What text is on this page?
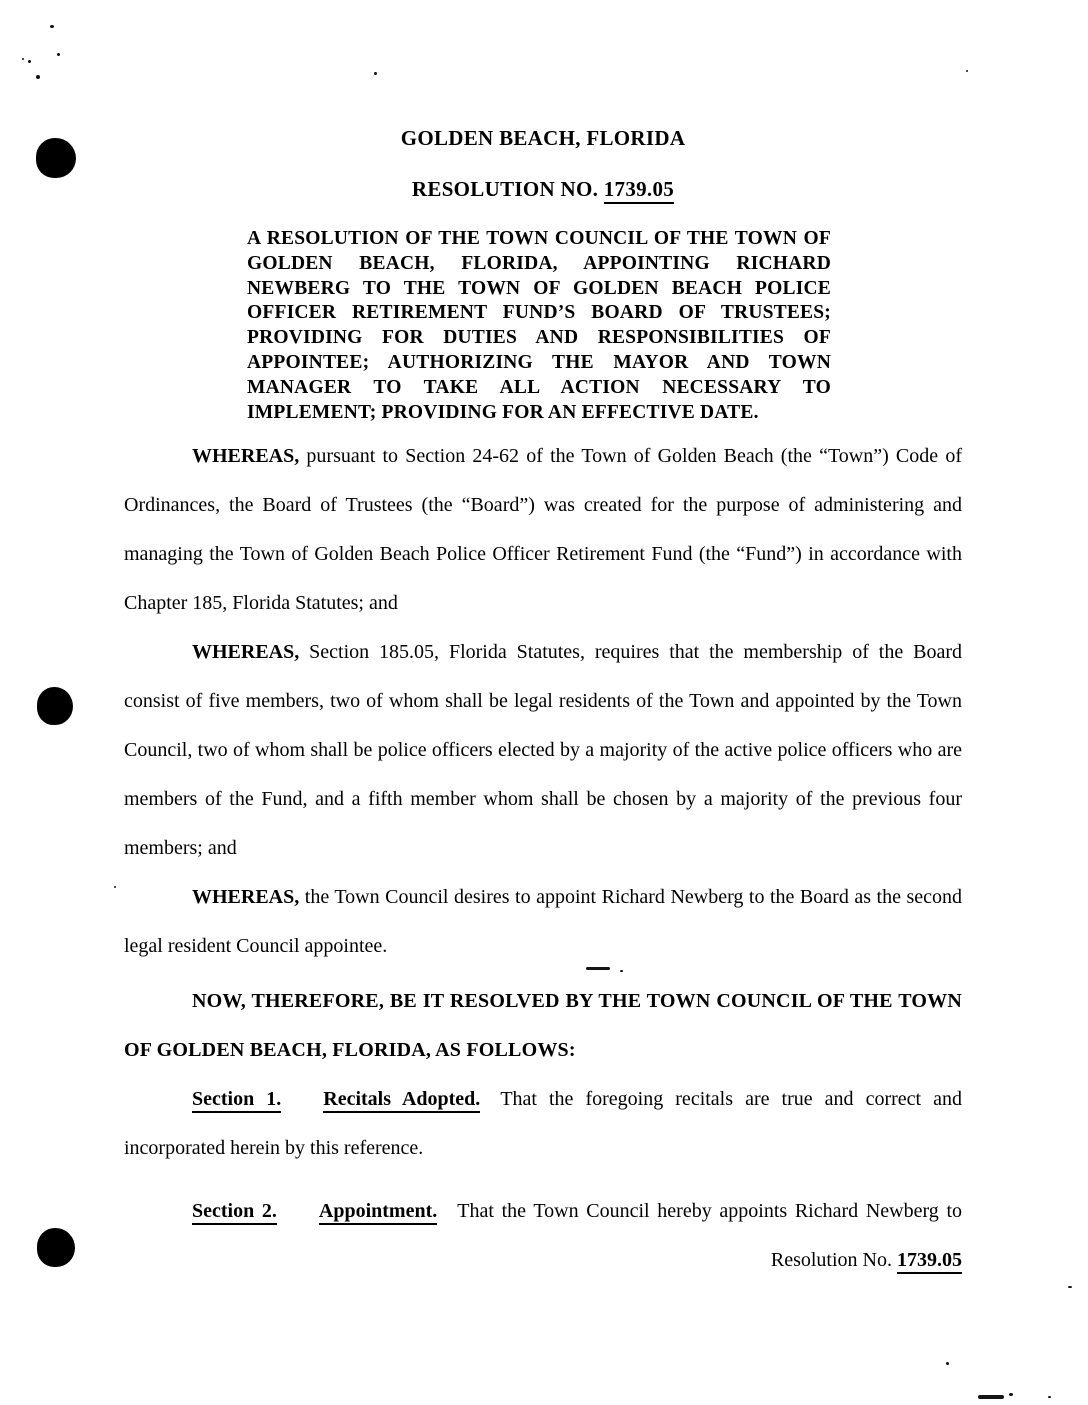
GOLDEN BEACH, FLORIDA
RESOLUTION NO. 1739.05

A RESOLUTION OF THE TOWN COUNCIL OF THE TOWN OF GOLDEN BEACH, FLORIDA, APPOINTING RICHARD NEWBERG TO THE TOWN OF GOLDEN BEACH POLICE OFFICER RETIREMENT FUND’S BOARD OF TRUSTEES; PROVIDING FOR DUTIES AND RESPONSIBILITIES OF APPOINTEE; AUTHORIZING THE MAYOR AND TOWN MANAGER TO TAKE ALL ACTION NECESSARY TO IMPLEMENT; PROVIDING FOR AN EFFECTIVE DATE.

WHEREAS, pursuant to Section 24-62 of the Town of Golden Beach (the “Town”) Code of Ordinances, the Board of Trustees (the “Board”) was created for the purpose of administering and managing the Town of Golden Beach Police Officer Retirement Fund (the “Fund”) in accordance with Chapter 185, Florida Statutes; and

WHEREAS, Section 185.05, Florida Statutes, requires that the membership of the Board consist of five members, two of whom shall be legal residents of the Town and appointed by the Town Council, two of whom shall be police officers elected by a majority of the active police officers who are members of the Fund, and a fifth member whom shall be chosen by a majority of the previous four members; and

WHEREAS, the Town Council desires to appoint Richard Newberg to the Board as the second legal resident Council appointee.

NOW, THEREFORE, BE IT RESOLVED BY THE TOWN COUNCIL OF THE TOWN OF GOLDEN BEACH, FLORIDA, AS FOLLOWS:

Section 1. Recitals Adopted. That the foregoing recitals are true and correct and incorporated herein by this reference.

Section 2. Appointment. That the Town Council hereby appoints Richard Newberg to

Resolution No. 1739.05
